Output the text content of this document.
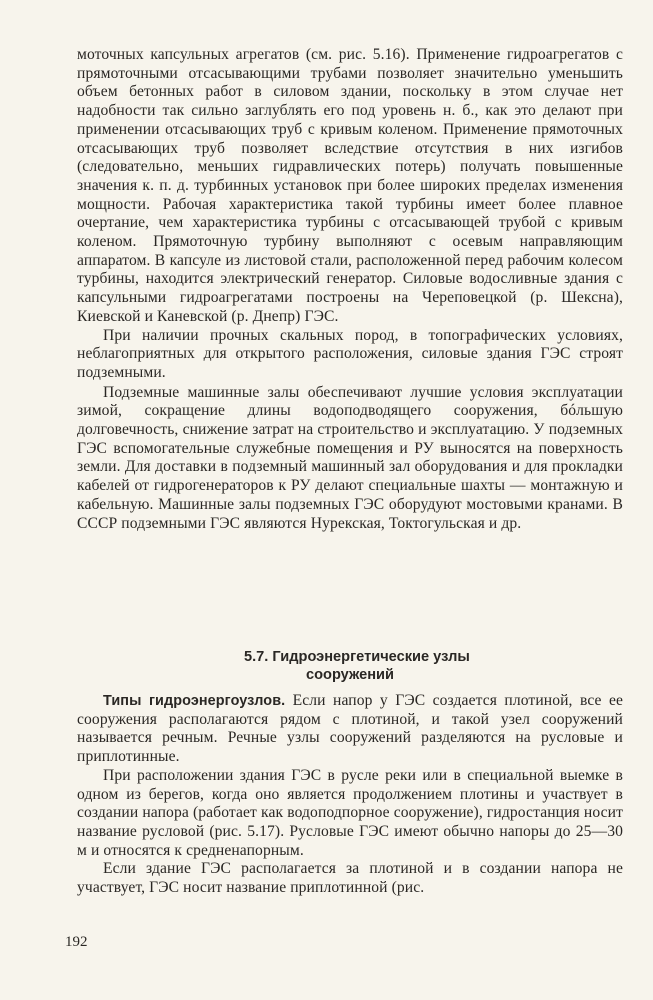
моточных капсульных агрегатов (см. рис. 5.16). Применение гидроагрегатов с прямоточными отсасывающими трубами позволяет значительно уменьшить объем бетонных работ в силовом здании, поскольку в этом случае нет надобности так сильно заглублять его под уровень н. б., как это делают при применении отсасывающих труб с кривым коленом. Применение прямоточных отсасывающих труб позволяет вследствие отсутствия в них изгибов (следовательно, меньших гидравлических потерь) получать повышенные значения к. п. д. турбинных установок при более широких пределах изменения мощности. Рабочая характеристика такой турбины имеет более плавное очертание, чем характеристика турбины с отсасывающей трубой с кривым коленом. Прямоточную турбину выполняют с осевым направляющим аппаратом. В капсуле из листовой стали, расположенной перед рабочим колесом турбины, находится электрический генератор. Силовые водосливные здания с капсульными гидроагрегатами построены на Череповецкой (р. Шексна), Киевской и Каневской (р. Днепр) ГЭС.

При наличии прочных скальных пород, в топографических условиях, неблагоприятных для открытого расположения, силовые здания ГЭС строят подземными.

Подземные машинные залы обеспечивают лучшие условия эксплуатации зимой, сокращение длины водоподводящего сооружения, бóльшую долговечность, снижение затрат на строительство и эксплуатацию. У подземных ГЭС вспомогательные служебные помещения и РУ выносятся на поверхность земли. Для доставки в подземный машинный зал оборудования и для прокладки кабелей от гидрогенераторов к РУ делают специальные шахты — монтажную и кабельную. Машинные залы подземных ГЭС оборудуют мостовыми кранами. В СССР подземными ГЭС являются Нурекская, Токтогульская и др.

5.7. Гидроэнергетические узлы
сооружений

Типы гидроэнергоузлов. Если напор у ГЭС создается плотиной, все ее сооружения располагаются рядом с плотиной, и такой узел сооружений называется речным. Речные узлы сооружений разделяются на русловые и приплотинные.

При расположении здания ГЭС в русле реки или в специальной выемке в одном из берегов, когда оно является продолжением плотины и участвует в создании напора (работает как водоподпорное сооружение), гидростанция носит название русловой (рис. 5.17). Русловые ГЭС имеют обычно напоры до 25—30 м и относятся к средненапорным.

Если здание ГЭС располагается за плотиной и в создании напора не участвует, ГЭС носит название приплотинной (рис.

192
